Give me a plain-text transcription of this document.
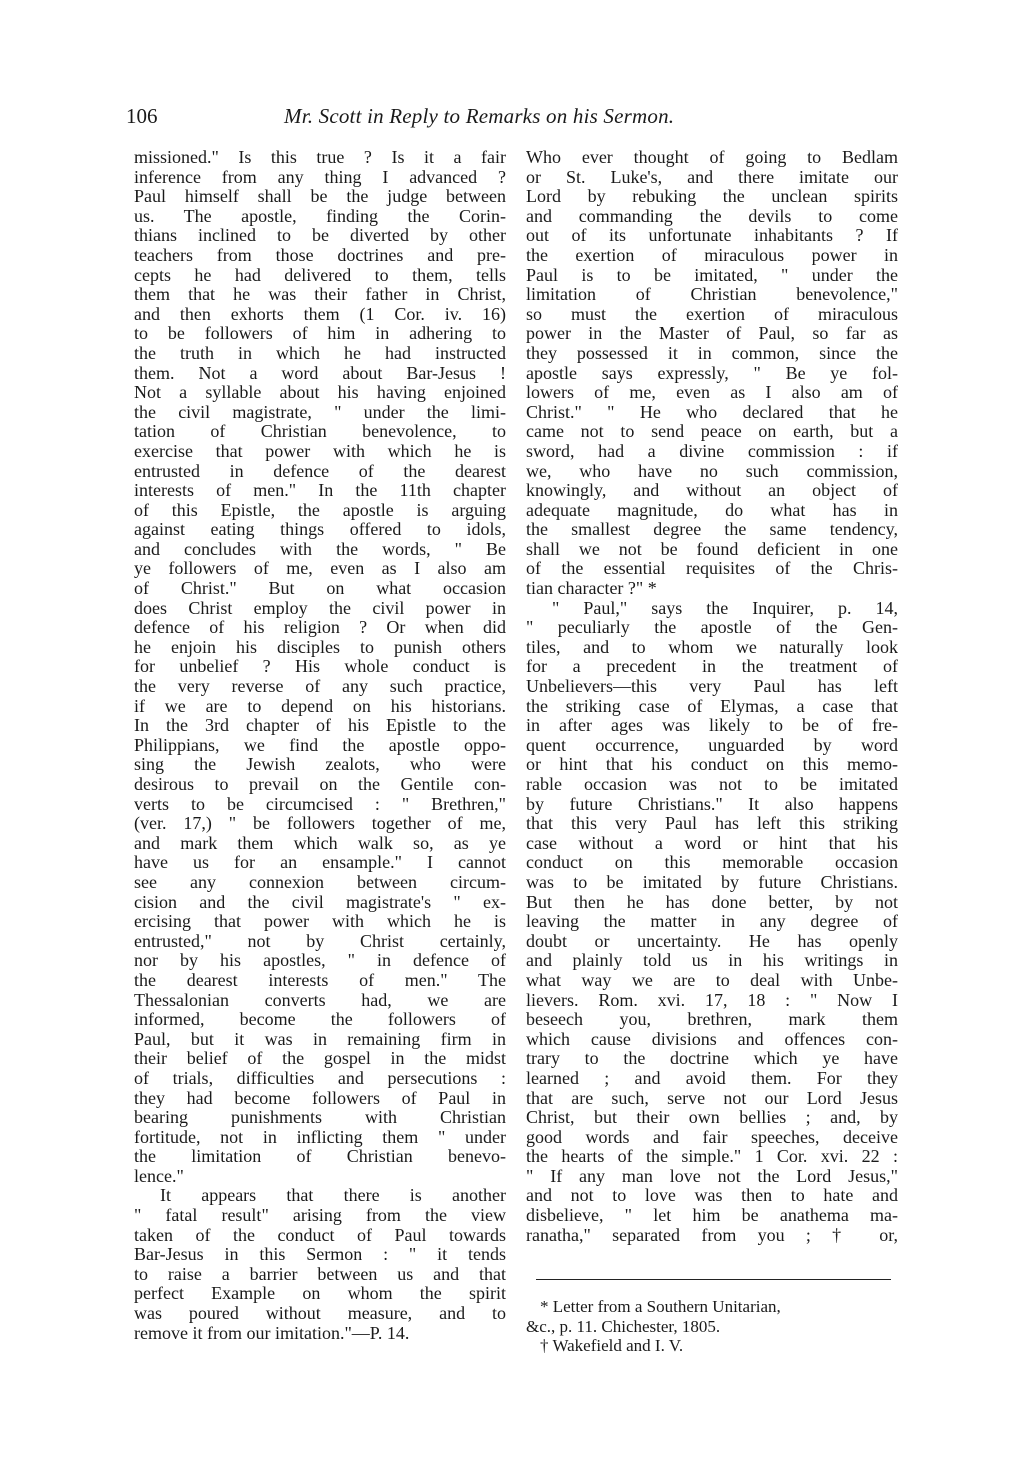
106	Mr. Scott in Reply to Remarks on his Sermon.
missioned." Is this true ? Is it a fair
inference from any thing I advanced ?
Paul himself shall be the judge between
us. The apostle, finding the Corin-
thians inclined to be diverted by other
teachers from those doctrines and pre-
cepts he had delivered to them, tells
them that he was their father in Christ,
and then exhorts them (1 Cor. iv. 16)
to be followers of him in adhering to
the truth in which he had instructed
them. Not a word about Bar-Jesus !
Not a syllable about his having enjoined
the civil magistrate, " under the limi-
tation of Christian benevolence, to
exercise that power with which he is
entrusted in defence of the dearest
interests of men." In the 11th chapter
of this Epistle, the apostle is arguing
against eating things offered to idols,
and concludes with the words, " Be
ye followers of me, even as I also am
of Christ." But on what occasion
does Christ employ the civil power in
defence of his religion ? Or when did
he enjoin his disciples to punish others
for unbelief ? His whole conduct is
the very reverse of any such practice,
if we are to depend on his historians.
In the 3rd chapter of his Epistle to the
Philippians, we find the apostle oppo-
sing the Jewish zealots, who were
desirous to prevail on the Gentile con-
verts to be circumcised : " Brethren,"
(ver. 17,) " be followers together of me,
and mark them which walk so, as ye
have us for an ensample." I cannot
see any connexion between circum-
cision and the civil magistrate's " ex-
ercising that power with which he is
entrusted," not by Christ certainly,
nor by his apostles, " in defence of
the dearest interests of men." The
Thessalonian converts had, we are
informed, become the followers of
Paul, but it was in remaining firm in
their belief of the gospel in the midst
of trials, difficulties and persecutions :
they had become followers of Paul in
bearing punishments with Christian
fortitude, not in inflicting them " under
the limitation of Christian benevo-
lence."
It appears that there is another
" fatal result" arising from the view
taken of the conduct of Paul towards
Bar-Jesus in this Sermon : " it tends
to raise a barrier between us and that
perfect Example on whom the spirit
was poured without measure, and to
remove it from our imitation."—P. 14.
Who ever thought of going to Bedlam
or St. Luke's, and there imitate our
Lord by rebuking the unclean spirits
and commanding the devils to come
out of its unfortunate inhabitants ? If
the exertion of miraculous power in
Paul is to be imitated, " under the
limitation of Christian benevolence,"
so must the exertion of miraculous
power in the Master of Paul, so far as
they possessed it in common, since the
apostle says expressly, " Be ye fol-
lowers of me, even as I also am of
Christ." " He who declared that he
came not to send peace on earth, but a
sword, had a divine commission : if
we, who have no such commission,
knowingly, and without an object of
adequate magnitude, do what has in
the smallest degree the same tendency,
shall we not be found deficient in one
of the essential requisites of the Chris-
tian character ?" *
" Paul," says the Inquirer, p. 14,
" peculiarly the apostle of the Gen-
tiles, and to whom we naturally look
for a precedent in the treatment of
Unbelievers—this very Paul has left
the striking case of Elymas, a case that
in after ages was likely to be of fre-
quent occurrence, unguarded by word
or hint that his conduct on this memo-
rable occasion was not to be imitated
by future Christians." It also happens
that this very Paul has left this striking
case without a word or hint that his
conduct on this memorable occasion
was to be imitated by future Christians.
But then he has done better, by not
leaving the matter in any degree of
doubt or uncertainty. He has openly
and plainly told us in his writings in
what way we are to deal with Unbe-
lievers. Rom. xvi. 17, 18 : " Now I
beseech you, brethren, mark them
which cause divisions and offences con-
trary to the doctrine which ye have
learned ; and avoid them. For they
that are such, serve not our Lord Jesus
Christ, but their own bellies ; and, by
good words and fair speeches, deceive
the hearts of the simple." 1 Cor. xvi. 22 :
" If any man love not the Lord Jesus,"
and not to love was then to hate and
disbelieve, " let him be anathema ma-
ranatha," separated from you ; † or,
* Letter from a Southern Unitarian,
&c., p. 11. Chichester, 1805.
† Wakefield and I. V.
